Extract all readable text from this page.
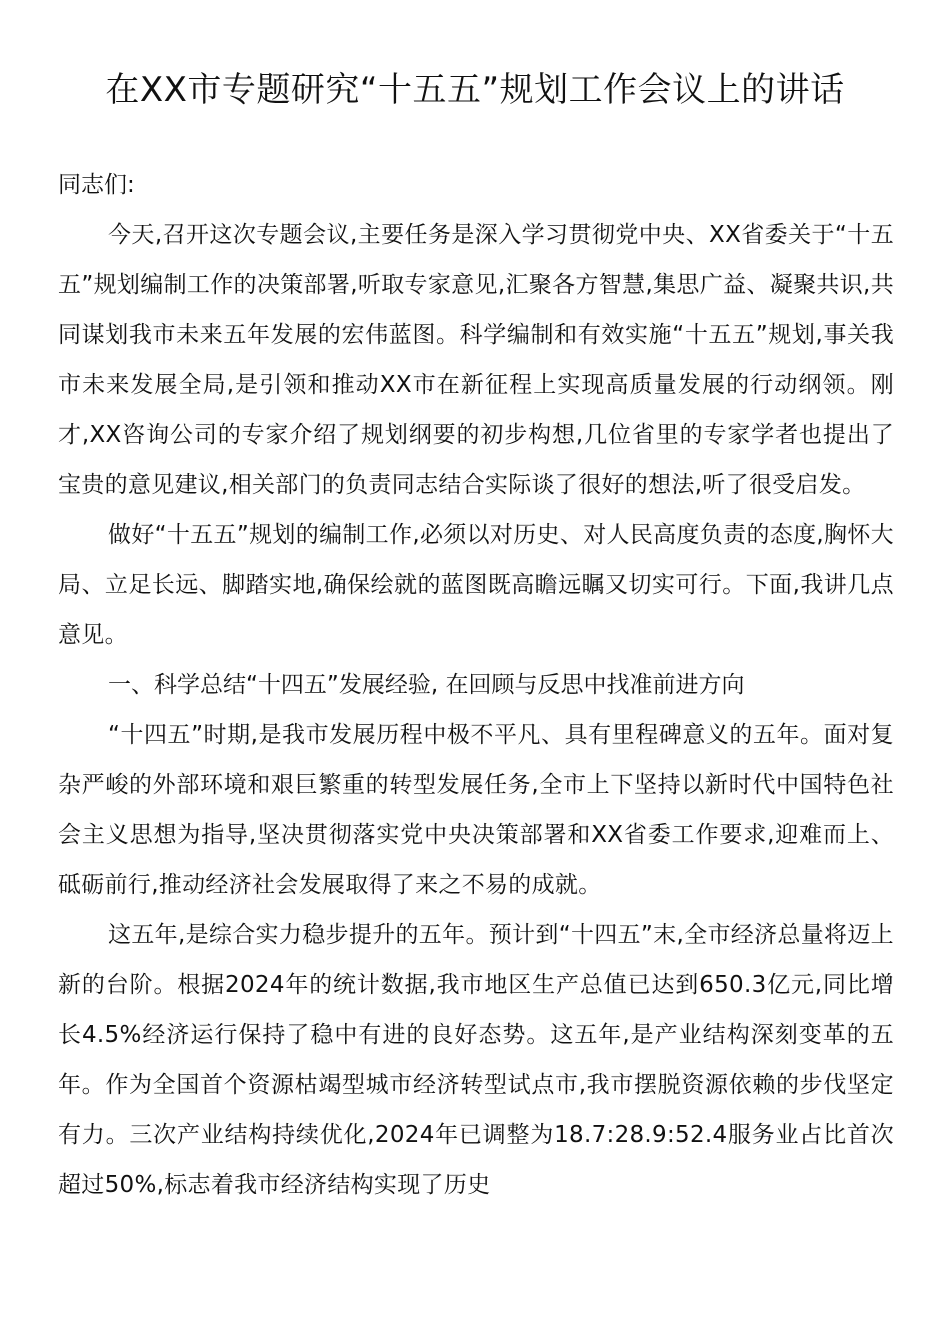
在XX市专题研究“十五五”规划工作会议上的讲话

同志们:

今天,召开这次专题会议,主要任务是深入学习贯彻党中央、XX省委关于“十五五”规划编制工作的决策部署,听取专家意见,汇聚各方智慧,集思广益、凝聚共识,共同谋划我市未来五年发展的宏伟蓝图。科学编制和有效实施“十五五”规划,事关我市未来发展全局,是引领和推动XX市在新征程上实现高质量发展的行动纲领。刚才,XX咨询公司的专家介绍了规划纲要的初步构想,几位省里的专家学者也提出了宝贵的意见建议,相关部门的负责同志结合实际谈了很好的想法,听了很受启发。

做好“十五五”规划的编制工作,必须以对历史、对人民高度负责的态度,胸怀大局、立足长远、脚踏实地,确保绘就的蓝图既高瞻远瞩又切实可行。下面,我讲几点意见。

一、科学总结“十四五”发展经验, 在回顾与反思中找准前进方向

“十四五”时期,是我市发展历程中极不平凡、具有里程碑意义的五年。面对复杂严峻的外部环境和艰巨繁重的转型发展任务,全市上下坚持以新时代中国特色社会主义思想为指导,坚决贯彻落实党中央决策部署和XX省委工作要求,迎难而上、砥砺前行,推动经济社会发展取得了来之不易的成就。

这五年,是综合实力稳步提升的五年。预计到“十四五”末,全市经济总量将迈上新的台阶。根据2024年的统计数据,我市地区生产总值已达到650.3亿元,同比增长4.5%经济运行保持了稳中有进的良好态势。这五年,是产业结构深刻变革的五年。作为全国首个资源枯竭型城市经济转型试点市,我市摆脱资源依赖的步伐坚定有力。三次产业结构持续优化,2024年已调整为18.7:28.9:52.4服务业占比首次超过50%,标志着我市经济结构实现了历史
